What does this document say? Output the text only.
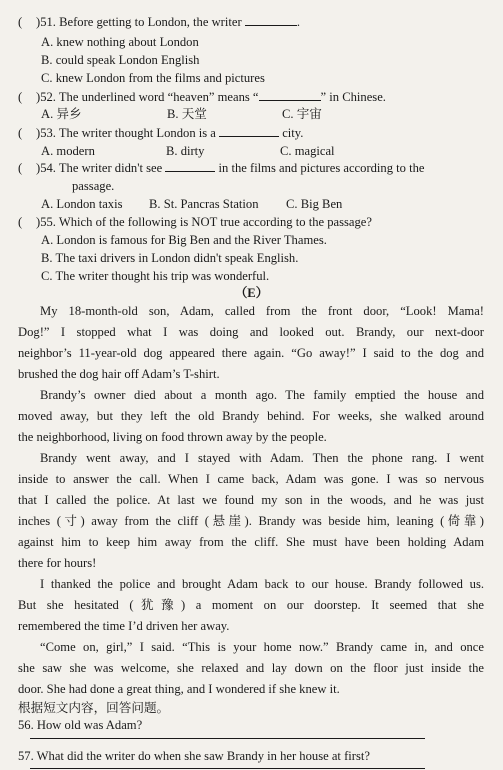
( )51. Before getting to London, the writer	.
A. knew nothing about London
B. could speak London English
C. knew London from the films and pictures
( )52. The underlined word “heaven” means “	” in Chinese.
A. 异乡	B. 天堂	C. 宇宙
( )53. The writer thought London is a	city.
A. modern	B. dirty	C. magical
( )54. The writer didn't see	in the films and pictures according to the
passage.
A. London taxis B. St. Pancras Station C. Big Ben
( )55. Which of the following is NOT true according to the passage?
A. London is famous for Big Ben and the River Thames.
B. The taxi drivers in London didn't speak English.
C. The writer thought his trip was wonderful.
（E）
My 18-month-old son, Adam, called from the front door, “Look! Mama!
Dog!” I stopped what I was doing and looked out. Brandy, our next-door
neighbor’s 11-year-old dog appeared there again. “Go away!” I said to the dog and
brushed the dog hair off Adam’s T-shirt.
Brandy’s owner died about a month ago. The family emptied the house and
moved away, but they left the old Brandy behind. For weeks, she walked around
the neighborhood, living on food thrown away by the people.
Brandy went away, and I stayed with Adam. Then the phone rang. I went
inside to answer the call. When I came back, Adam was gone. I was so nervous
that I called the police. At last we found my son in the woods, and he was just
inches (寸) away from the cliff (悬崖). Brandy was beside him, leaning (倚靠)
against him to keep him away from the cliff. She must have been holding Adam
there for hours!
I thanked the police and brought Adam back to our house. Brandy followed us.
But she hesitated (犹豫) a moment on our doorstep. It seemed that she
remembered the time I’d driven her away.
“Come on, girl,” I said. “This is your home now.” Brandy came in, and once
she saw she was welcome, she relaxed and lay down on the floor just inside the
door. She had done a great thing, and I wondered if she knew it.
根据短文内容，回答问题。
56. How old was Adam?
57. What did the writer do when she saw Brandy in her house at first?
